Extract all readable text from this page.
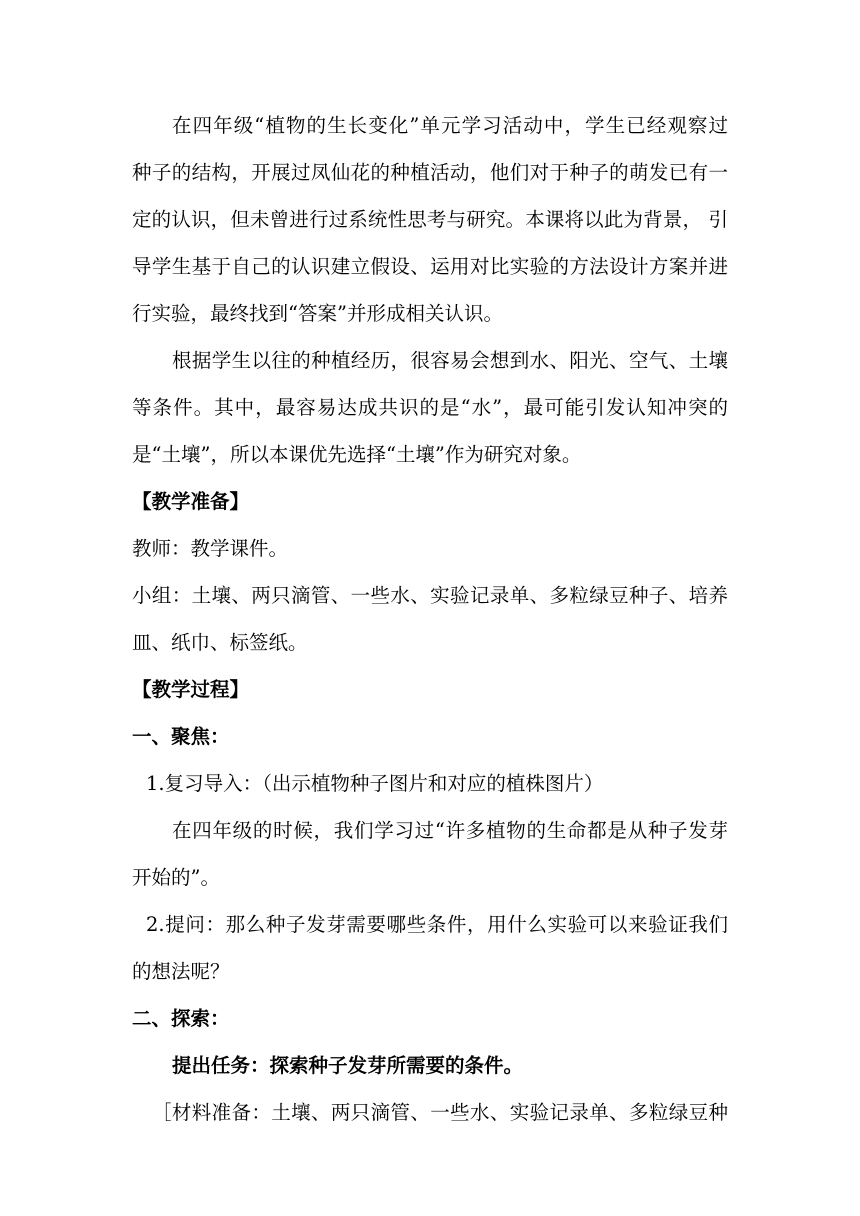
在四年级“植物的生长变化”单元学习活动中，学生已经观察过
种子的结构，开展过凤仙花的种植活动，他们对于种子的萌发已有一
定的认识，但未曾进行过系统性思考与研究。本课将以此为背景， 引
导学生基于自己的认识建立假设、运用对比实验的方法设计方案并进
行实验，最终找到“答案”并形成相关认识。
根据学生以往的种植经历，很容易会想到水、阳光、空气、土壤
等条件。其中，最容易达成共识的是“水”，最可能引发认知冲突的
是“土壤”，所以本课优先选择“土壤”作为研究对象。
【教学准备】
教师：教学课件。
小组：土壤、两只滴管、一些水、实验记录单、多粒绿豆种子、培养
皿、纸巾、标签纸。
【教学过程】
一、聚焦：
1.复习导入：（出示植物种子图片和对应的植株图片）
在四年级的时候，我们学习过“许多植物的生命都是从种子发芽
开始的”。
2.提问：那么种子发芽需要哪些条件，用什么实验可以来验证我们
的想法呢？
二、探索：
提出任务：探索种子发芽所需要的条件。
［材料准备：土壤、两只滴管、一些水、实验记录单、多粒绿豆种
